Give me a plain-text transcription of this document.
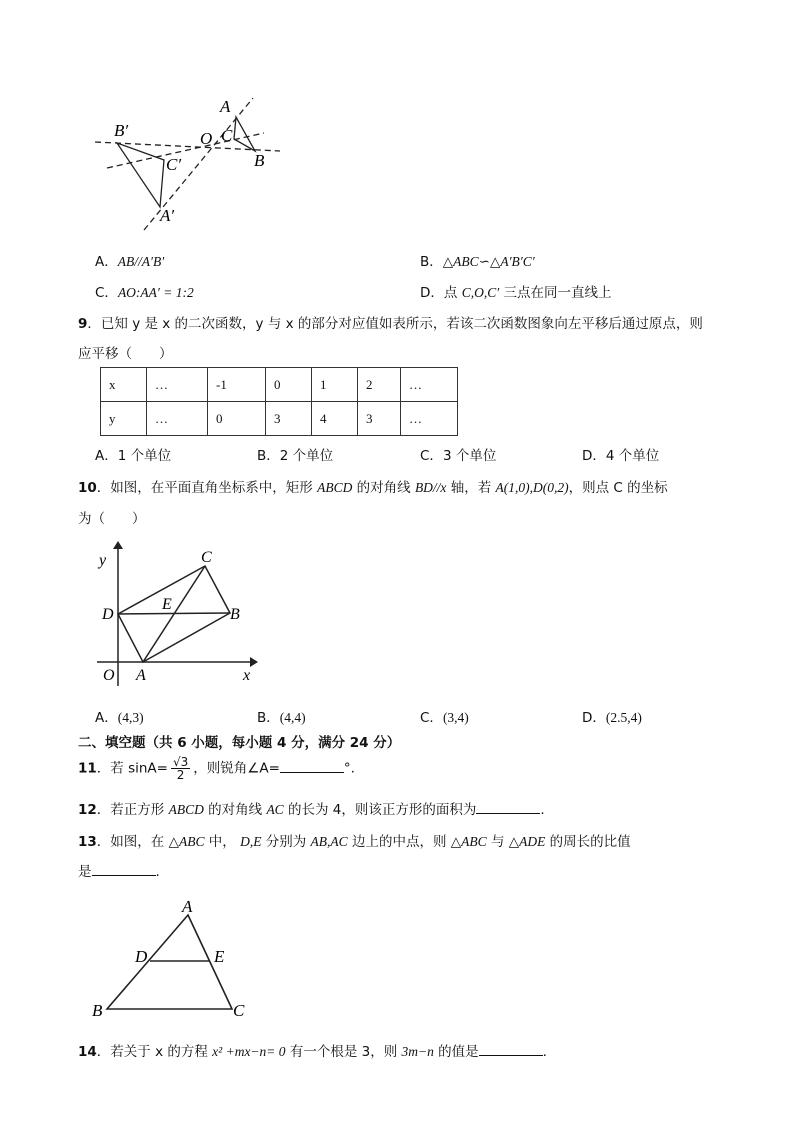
A
B
C
O
B′
C′
A′
A．AB//A′B′	B．△ABC∽△A′B′C′
C．AO:AA′ = 1:2	D．点 C,O,C′ 三点在同一直线上
9．已知 y 是 x 的二次函数，y 与 x 的部分对应值如表所示，若该二次函数图象向左平移后通过原点，则
应平移（　　）
x	…	-1	0	1	2	…
y	…	0	3	4	3	…
A．1 个单位	B．2 个单位	C．3 个单位	D．4 个单位
10．如图，在平面直角坐标系中，矩形 ABCD 的对角线 BD//x 轴，若 A(1,0),D(0,2)，则点 C 的坐标
为（　　）
y
x
O A
B
C
D
E
A．(4,3)	B．(4,4)	C．(3,4)	D．(2.5,4)
二、填空题（共 6 小题，每小题 4 分，满分 24 分）
11．若 $\sin A= \frac{√3}{2}$ ，则锐角∠A=	°.
12．若正方形 ABCD 的对角线 AC 的长为 4，则该正方形的面积为	.
13．如图，在 △ABC 中， D,E 分别为 AB,AC 边上的中点，则 △ABC 与 △ADE 的周长的比值
是	.
A
B	C
D	E
14．若关于 x 的方程 x² +mx−n= 0 有一个根是 3，则 3m−n 的值是	.
